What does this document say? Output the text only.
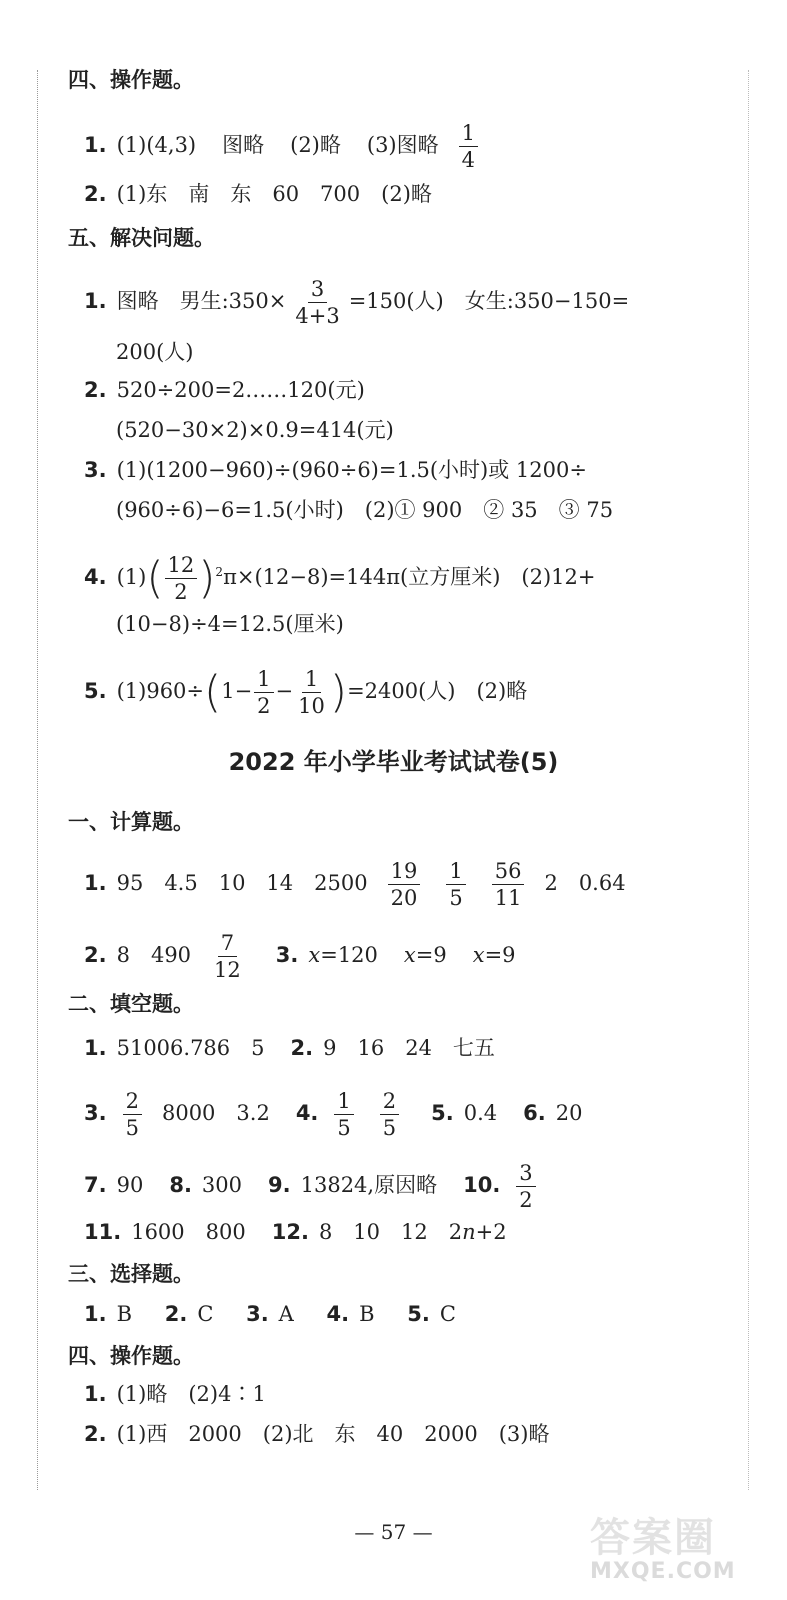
四、操作题。
1. (1)(4,3) 图略 (2)略 (3)图略 $\frac{1}{4}$
2. (1)东　南　东　60　700　(2)略
五、解决问题。
1. 图略　男生:350× $\frac{3}{4+3} =150$(人)　女生:350−150=
200(人)
2. 520÷200=2……120(元)
(520−30×2)×0.9=414(元)
3. (1)(1200−960)÷(960÷6)=1.5(小时)或 1200÷
(960÷6)−6=1.5(小时)　(2)① 900　② 35　③ 75
4. $(1)( \frac{12}{2} )^2\pi\times(12-8)=144\pi$(立方厘米)　(2)12+
(10−8)÷4=12.5(厘米)
5. $(1)960\div(1- \frac{1}{2} - \frac{1}{10} )=2400$(人)　(2)略
2022 年小学毕业考试试卷(5)
一、计算题。
1. 95　4.5　10　14　$2500 \frac{19}{20} \frac{1}{5} \frac{56}{11} 2$　0.64
2. 8　$490 \frac{7}{12} 3$. x=120 x=9 x=9
二、填空题。
1. 51006.786　5 2. 9　16　24　七五
3. $\frac{2}{5} 8000$　3.2 4. $\frac{1}{5} \frac{2}{5} 5$. 0.4 6. 20
7. 90 8. 300 9. 13824,原因略 10. $\frac{3}{2}$
11. 1600　800 12. 8　10　12　2n+2
三、选择题。
1. B 2. C 3. A 4. B 5. C
四、操作题。
1. (1)略　(2)4∶1
2. (1)西　2000　(2)北　东　40　2000　(3)略
— 57 —	答案圈
MXQE.COM
